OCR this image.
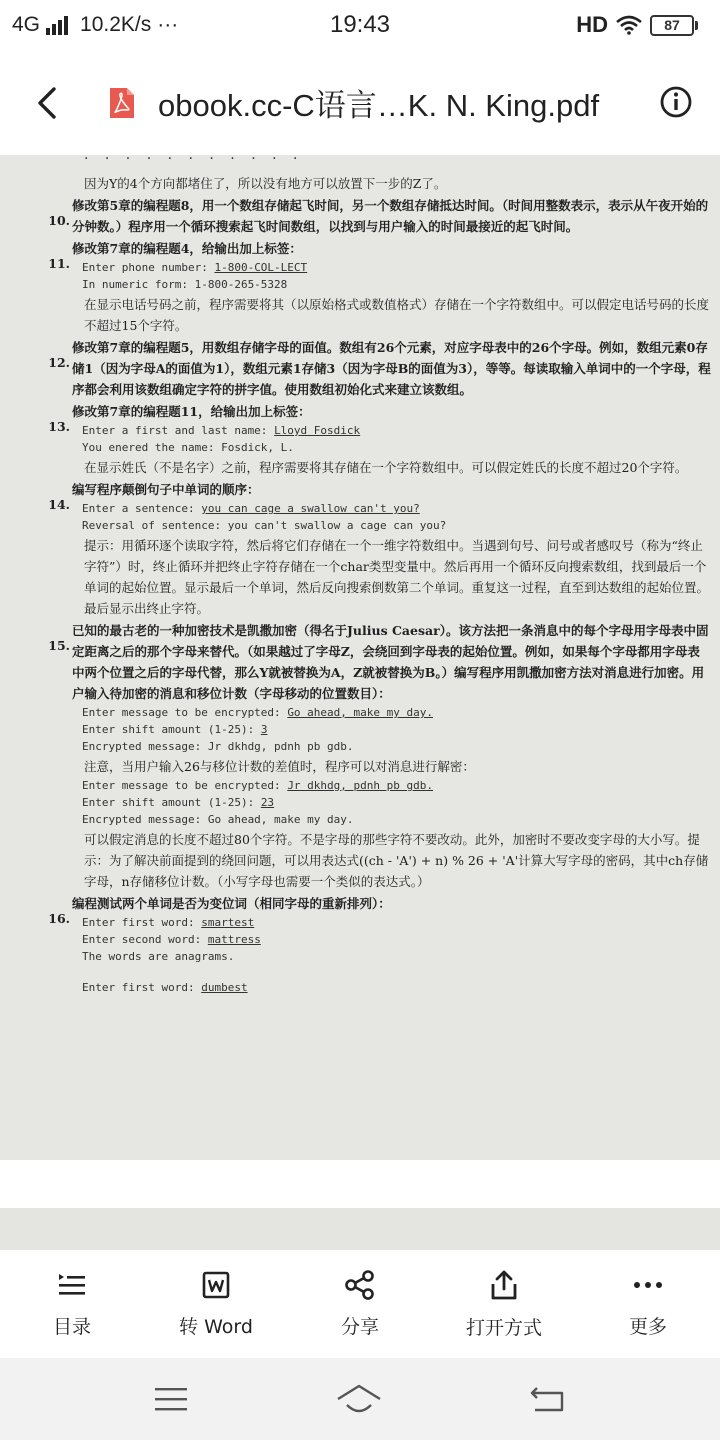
4G 10.2K/s ···	19:43	HD	87
obook.cc-C语言…K. N. King.pdf
. . . . . . . . . . .
因为Y的4个方向都堵住了，所以没有地方可以放置下一步的Z了。
10.
修改第5章的编程题8，用一个数组存储起飞时间，另一个数组存储抵达时间。（时间用整数表示，表示从午夜开始的分钟数。）程序用一个循环搜索起飞时间数组，以找到与用户输入的时间最接近的起飞时间。
11.
修改第7章的编程题4，给输出加上标签：
Enter phone number: 1-800-COL-LECT
In numeric form: 1-800-265-5328
在显示电话号码之前，程序需要将其（以原始格式或数值格式）存储在一个字符数组中。可以假定电话号码的长度不超过15个字符。
12.
修改第7章的编程题5，用数组存储字母的面值。数组有26个元素，对应字母表中的26个字母。例如，数组元素0存储1（因为字母A的面值为1），数组元素1存储3（因为字母B的面值为3），等等。每读取输入单词中的一个字母，程序都会利用该数组确定字符的拼字值。使用数组初始化式来建立该数组。
13.
修改第7章的编程题11，给输出加上标签：
Enter a first and last name: Lloyd Fosdick
You enered the name: Fosdick, L.
在显示姓氏（不是名字）之前，程序需要将其存储在一个字符数组中。可以假定姓氏的长度不超过20个字符。
14.
编写程序颠倒句子中单词的顺序：
Enter a sentence: you can cage a swallow can't you?
Reversal of sentence: you can't swallow a cage can you?
提示：用循环逐个读取字符，然后将它们存储在一个一维字符数组中。当遇到句号、问号或者感叹号（称为“终止字符”）时，终止循环并把终止字符存储在一个char类型变量中。然后再用一个循环反向搜索数组，找到最后一个单词的起始位置。显示最后一个单词，然后反向搜索倒数第二个单词。重复这一过程，直至到达数组的起始位置。最后显示出终止字符。
15.
已知的最古老的一种加密技术是凯撒加密（得名于Julius Caesar）。该方法把一条消息中的每个字母用字母表中固定距离之后的那个字母来替代。（如果越过了字母Z，会绕回到字母表的起始位置。例如，如果每个字母都用字母表中两个位置之后的字母代替，那么Y就被替换为A，Z就被替换为B。）编写程序用凯撒加密方法对消息进行加密。用户输入待加密的消息和移位计数（字母移动的位置数目）：
Enter message to be encrypted: Go ahead, make my day.
Enter shift amount (1-25): 3
Encrypted message: Jr dkhdg, pdnh pb gdb.
注意，当用户输入26与移位计数的差值时，程序可以对消息进行解密：
Enter message to be encrypted: Jr dkhdg, pdnh pb gdb.
Enter shift amount (1-25): 23
Encrypted message: Go ahead, make my day.
可以假定消息的长度不超过80个字符。不是字母的那些字符不要改动。此外，加密时不要改变字母的大小写。提示：为了解决前面提到的绕回问题，可以用表达式((ch - 'A') + n) % 26 + 'A'计算大写字母的密码，其中ch存储字母，n存储移位计数。（小写字母也需要一个类似的表达式。）
16.
编程测试两个单词是否为变位词（相同字母的重新排列）：
Enter first word: smartest
Enter second word: mattress
The words are anagrams.
Enter first word: dumbest
目录	转 Word	分享	打开方式	更多
